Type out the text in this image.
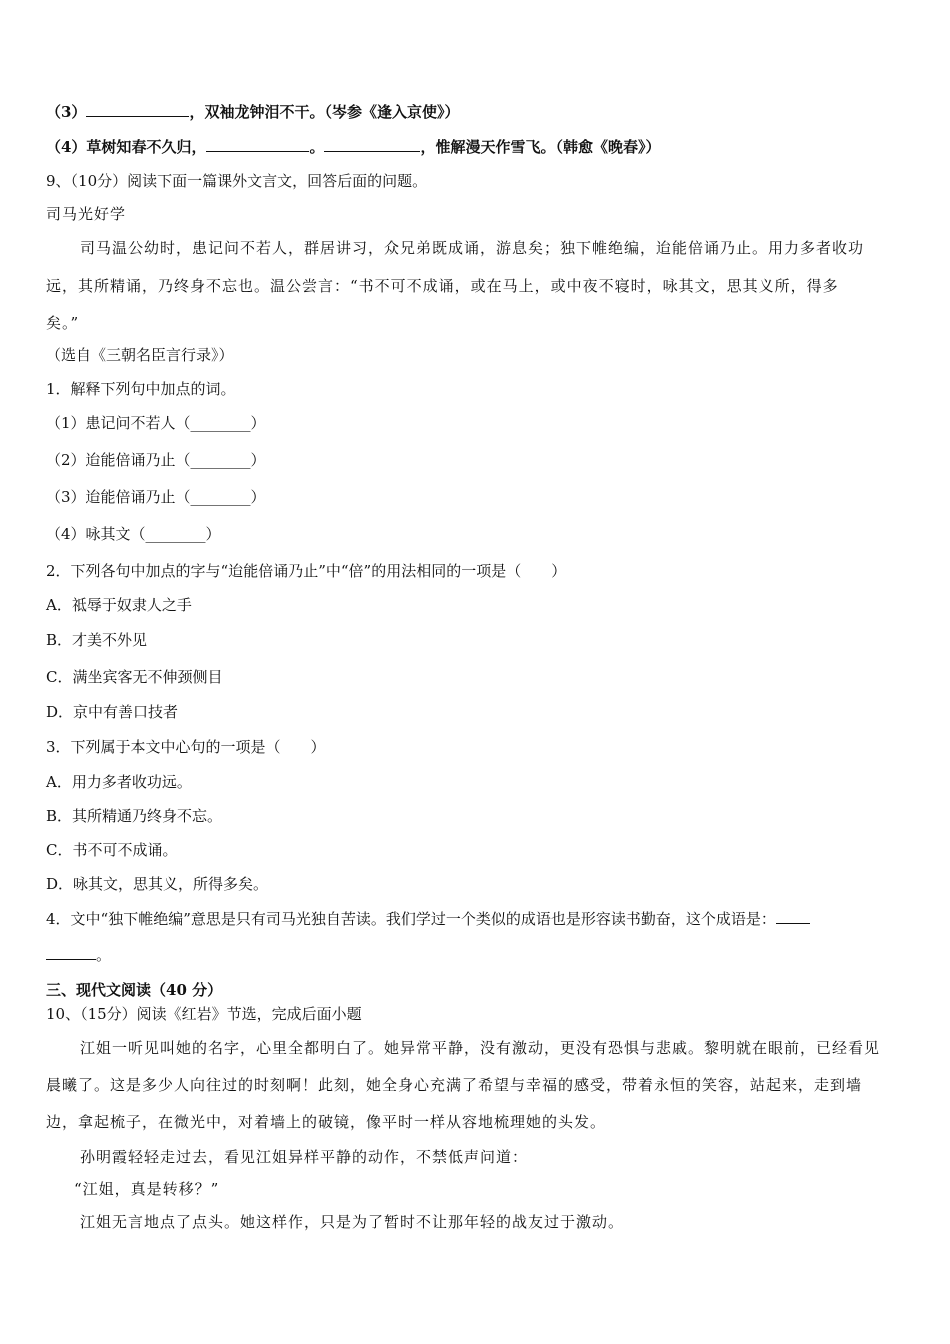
（3）	，双袖龙钟泪不干。（岑参《逢入京使》）
（4）草树知春不久归，	。	，惟解漫天作雪飞。（韩愈《晚春》）
9、（10分）阅读下面一篇课外文言文，回答后面的问题。
司马光好学
司马温公幼时，患记问不若人，群居讲习，众兄弟既成诵，游息矣；独下帷绝编，迨能倍诵乃止。用力多者收功
远，其所精诵，乃终身不忘也。温公尝言：“书不可不成诵，或在马上，或中夜不寝时，咏其文，思其义所，得多
矣。”
（选自《三朝名臣言行录》）
1．解释下列句中加点的词。
（1）患记问不若人（________）
（2）迨能倍诵乃止（________）
（3）迨能倍诵乃止（________）
（4）咏其文（________）
2．下列各句中加点的字与“迨能倍诵乃止”中“倍”的用法相同的一项是（　　）
A．祗辱于奴隶人之手
B．才美不外见
C．满坐宾客无不伸颈侧目
D．京中有善口技者
3．下列属于本文中心句的一项是（　　）
A．用力多者收功远。
B．其所精通乃终身不忘。
C．书不可不成诵。
D．咏其文，思其义，所得多矣。
4．文中“独下帷绝编”意思是只有司马光独自苦读。我们学过一个类似的成语也是形容读书勤奋，这个成语是：
。
三、现代文阅读（40 分）
10、（15分）阅读《红岩》节选，完成后面小题
江姐一听见叫她的名字，心里全都明白了。她异常平静，没有激动，更没有恐惧与悲戚。黎明就在眼前，已经看见
晨曦了。这是多少人向往过的时刻啊！此刻，她全身心充满了希望与幸福的感受，带着永恒的笑容，站起来，走到墙
边，拿起梳子，在微光中，对着墙上的破镜，像平时一样从容地梳理她的头发。
孙明霞轻轻走过去，看见江姐异样平静的动作，不禁低声问道：
“江姐，真是转移？”
江姐无言地点了点头。她这样作，只是为了暂时不让那年轻的战友过于激动。
